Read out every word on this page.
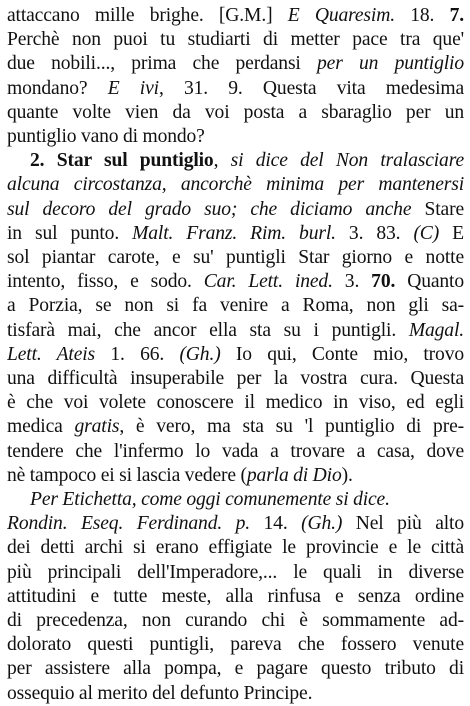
attaccano mille brighe. [G.M.] E Quaresim. 18. 7.
Perchè non puoi tu studiarti di metter pace tra que'
due nobili..., prima che perdansi per un puntiglio
mondano? E ivi, 31. 9. Questa vita medesima
quante volte vien da voi posta a sbaraglio per un
puntiglio vano di mondo?
2. Star sul puntiglio, si dice del Non tralasciare
alcuna circostanza, ancorchè minima per mantenersi
sul decoro del grado suo; che diciamo anche Stare
in sul punto. Malt. Franz. Rim. burl. 3. 83. (C) E
sol piantar carote, e su' puntigli Star giorno e notte
intento, fisso, e sodo. Car. Lett. ined. 3. 70. Quanto
a Porzia, se non si fa venire a Roma, non gli sa-
tisfarà mai, che ancor ella sta su i puntigli. Magal.
Lett. Ateis 1. 66. (Gh.) Io qui, Conte mio, trovo
una difficultà insuperabile per la vostra cura. Questa
è che voi volete conoscere il medico in viso, ed egli
medica gratis, è vero, ma sta su 'l puntiglio di pre-
tendere che l'infermo lo vada a trovare a casa, dove
nè tampoco ei si lascia vedere (parla di Dio).
Per Etichetta, come oggi comunemente si dice.
Rondin. Eseq. Ferdinand. p. 14. (Gh.) Nel più alto
dei detti archi si erano effigiate le provincie e le città
più principali dell'Imperadore,... le quali in diverse
attitudini e tutte meste, alla rinfusa e senza ordine
di precedenza, non curando chi è sommamente ad-
dolorato questi puntigli, pareva che fossero venute
per assistere alla pompa, e pagare questo tributo di
ossequio al merito del defunto Principe.
